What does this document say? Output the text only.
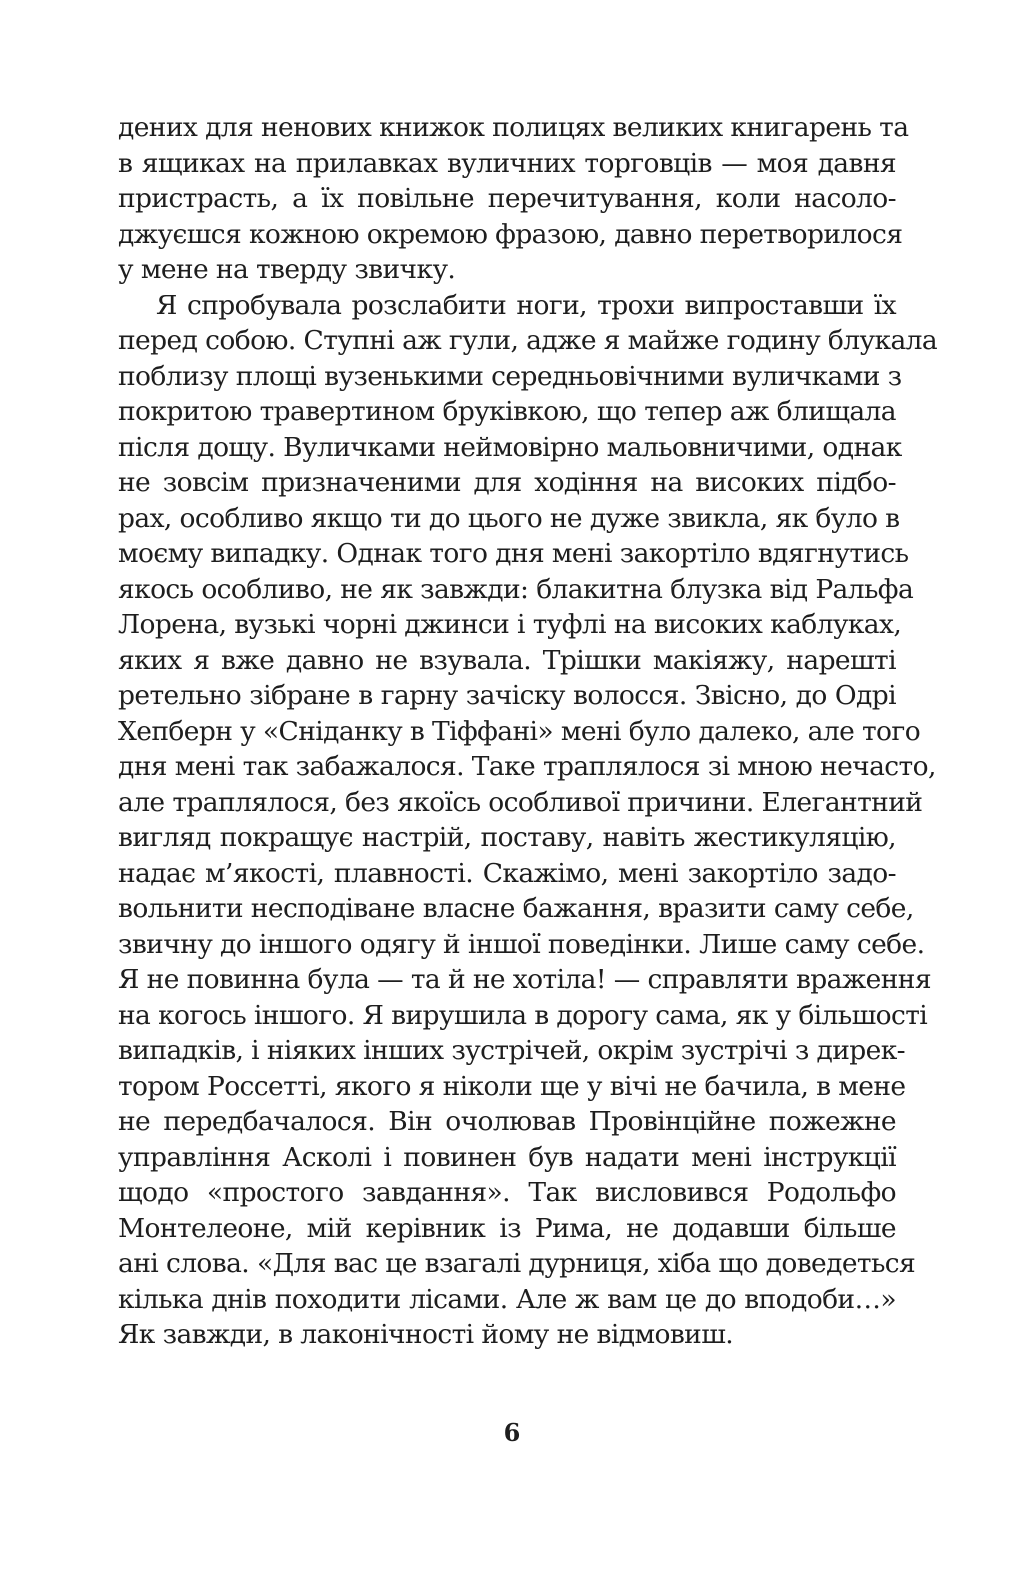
дених для ненових книжок полицях великих книгарень та
в ящиках на прилавках вуличних торговців — моя давня
пристрасть, а їх повільне перечитування, коли насоло-
джуєшся кожною окремою фразою, давно перетворилося
у мене на тверду звичку.

Я спробувала розслабити ноги, трохи випроставши їх
перед собою. Ступні аж гули, адже я майже годину блукала
поблизу площі вузенькими середньовічними вуличками з
покритою травертином бруківкою, що тепер аж блищала
після дощу. Вуличками неймовірно мальовничими, однак
не зовсім призначеними для ходіння на високих підбо-
рах, особливо якщо ти до цього не дуже звикла, як було в
моєму випадку. Однак того дня мені закортіло вдягнутись
якось особливо, не як завжди: блакитна блузка від Ральфа
Лорена, вузькі чорні джинси і туфлі на високих каблуках,
яких я вже давно не взувала. Трішки макіяжу, нарешті
ретельно зібране в гарну зачіску волосся. Звісно, до Одрі
Хепберн у «Сніданку в Тіффані» мені було далеко, але того
дня мені так забажалося. Таке траплялося зі мною нечасто,
але траплялося, без якоїсь особливої причини. Елегантний
вигляд покращує настрій, поставу, навіть жестикуляцію,
надає м’якості, плавності. Скажімо, мені закортіло задо-
вольнити несподіване власне бажання, вразити саму себе,
звичну до іншого одягу й іншої поведінки. Лише саму себе.
Я не повинна була — та й не хотіла! — справляти враження
на когось іншого. Я вирушила в дорогу сама, як у більшості
випадків, і ніяких інших зустрічей, окрім зустрічі з дирек-
тором Россетті, якого я ніколи ще у вічі не бачила, в мене
не передбачалося. Він очолював Провінційне пожежне
управління Асколі і повинен був надати мені інструкції
щодо «простого завдання». Так висловився Родольфо
Монтелеоне, мій керівник із Рима, не додавши більше
ані слова. «Для вас це взагалі дурниця, хіба що доведеться
кілька днів походити лісами. Але ж вам це до вподоби…»
Як завжди, в лаконічності йому не відмовиш.

6
